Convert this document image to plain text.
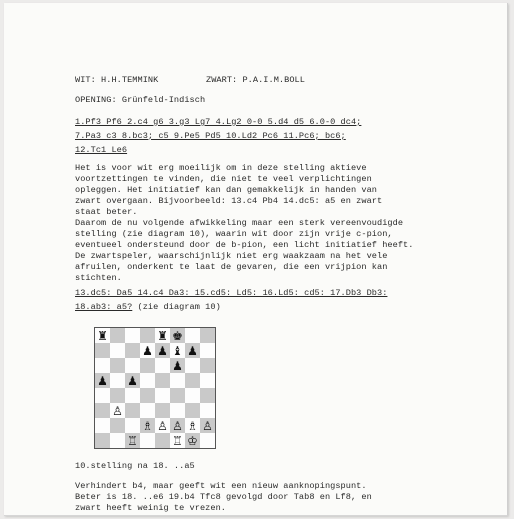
WIT: H.H.TEMMINK	ZWART: P.A.I.M.BOLL
OPENING: Grünfeld-Indisch
1.Pf3 Pf6 2.c4 g6 3.g3 Lg7 4.Lg2 0-0 5.d4 d5 6.0-0 dc4;
7.Pa3 c3 8.bc3; c5 9.Pe5 Pd5 10.Ld2 Pc6 11.Pc6; bc6;
12.Tc1 Le6
Het is voor wit erg moeilijk om in deze stelling aktieve
voortzettingen te vinden, die niet te veel verplichtingen
opleggen. Het initiatief kan dan gemakkelijk in handen van
zwart overgaan. Bijvoorbeeld: 13.c4 Pb4 14.dc5: a5 en zwart
staat beter.
Daarom de nu volgende afwikkeling maar een sterk vereenvoudigde
stelling (zie diagram 10), waarin wit door zijn vrije c-pion,
eventueel ondersteund door de b-pion, een licht initiatief heeft.
De zwartspeler, waarschijnlijk niet erg waakzaam na het vele
afruilen, onderkent te laat de gevaren, die een vrijpion kan
stichten.
13.dc5: Da5 14.c4 Da3: 15.cd5: Ld5: 16.Ld5: cd5: 17.Db3 Db3:
18.ab3: a5? (zie diagram 10)
♜	♜ ♚
♟ ♟ ♝ ♟
♟
♟ ♟
♙
♗ ♙ ♙ ♗ ♙
♖	♖ ♔
10.stelling na 18. ..a5
Verhindert b4, maar geeft wit een nieuw aanknopingspunt.
Beter is 18. ..e6 19.b4 Tfc8 gevolgd door Tab8 en Lf8, en
zwart heeft weinig te vrezen.
